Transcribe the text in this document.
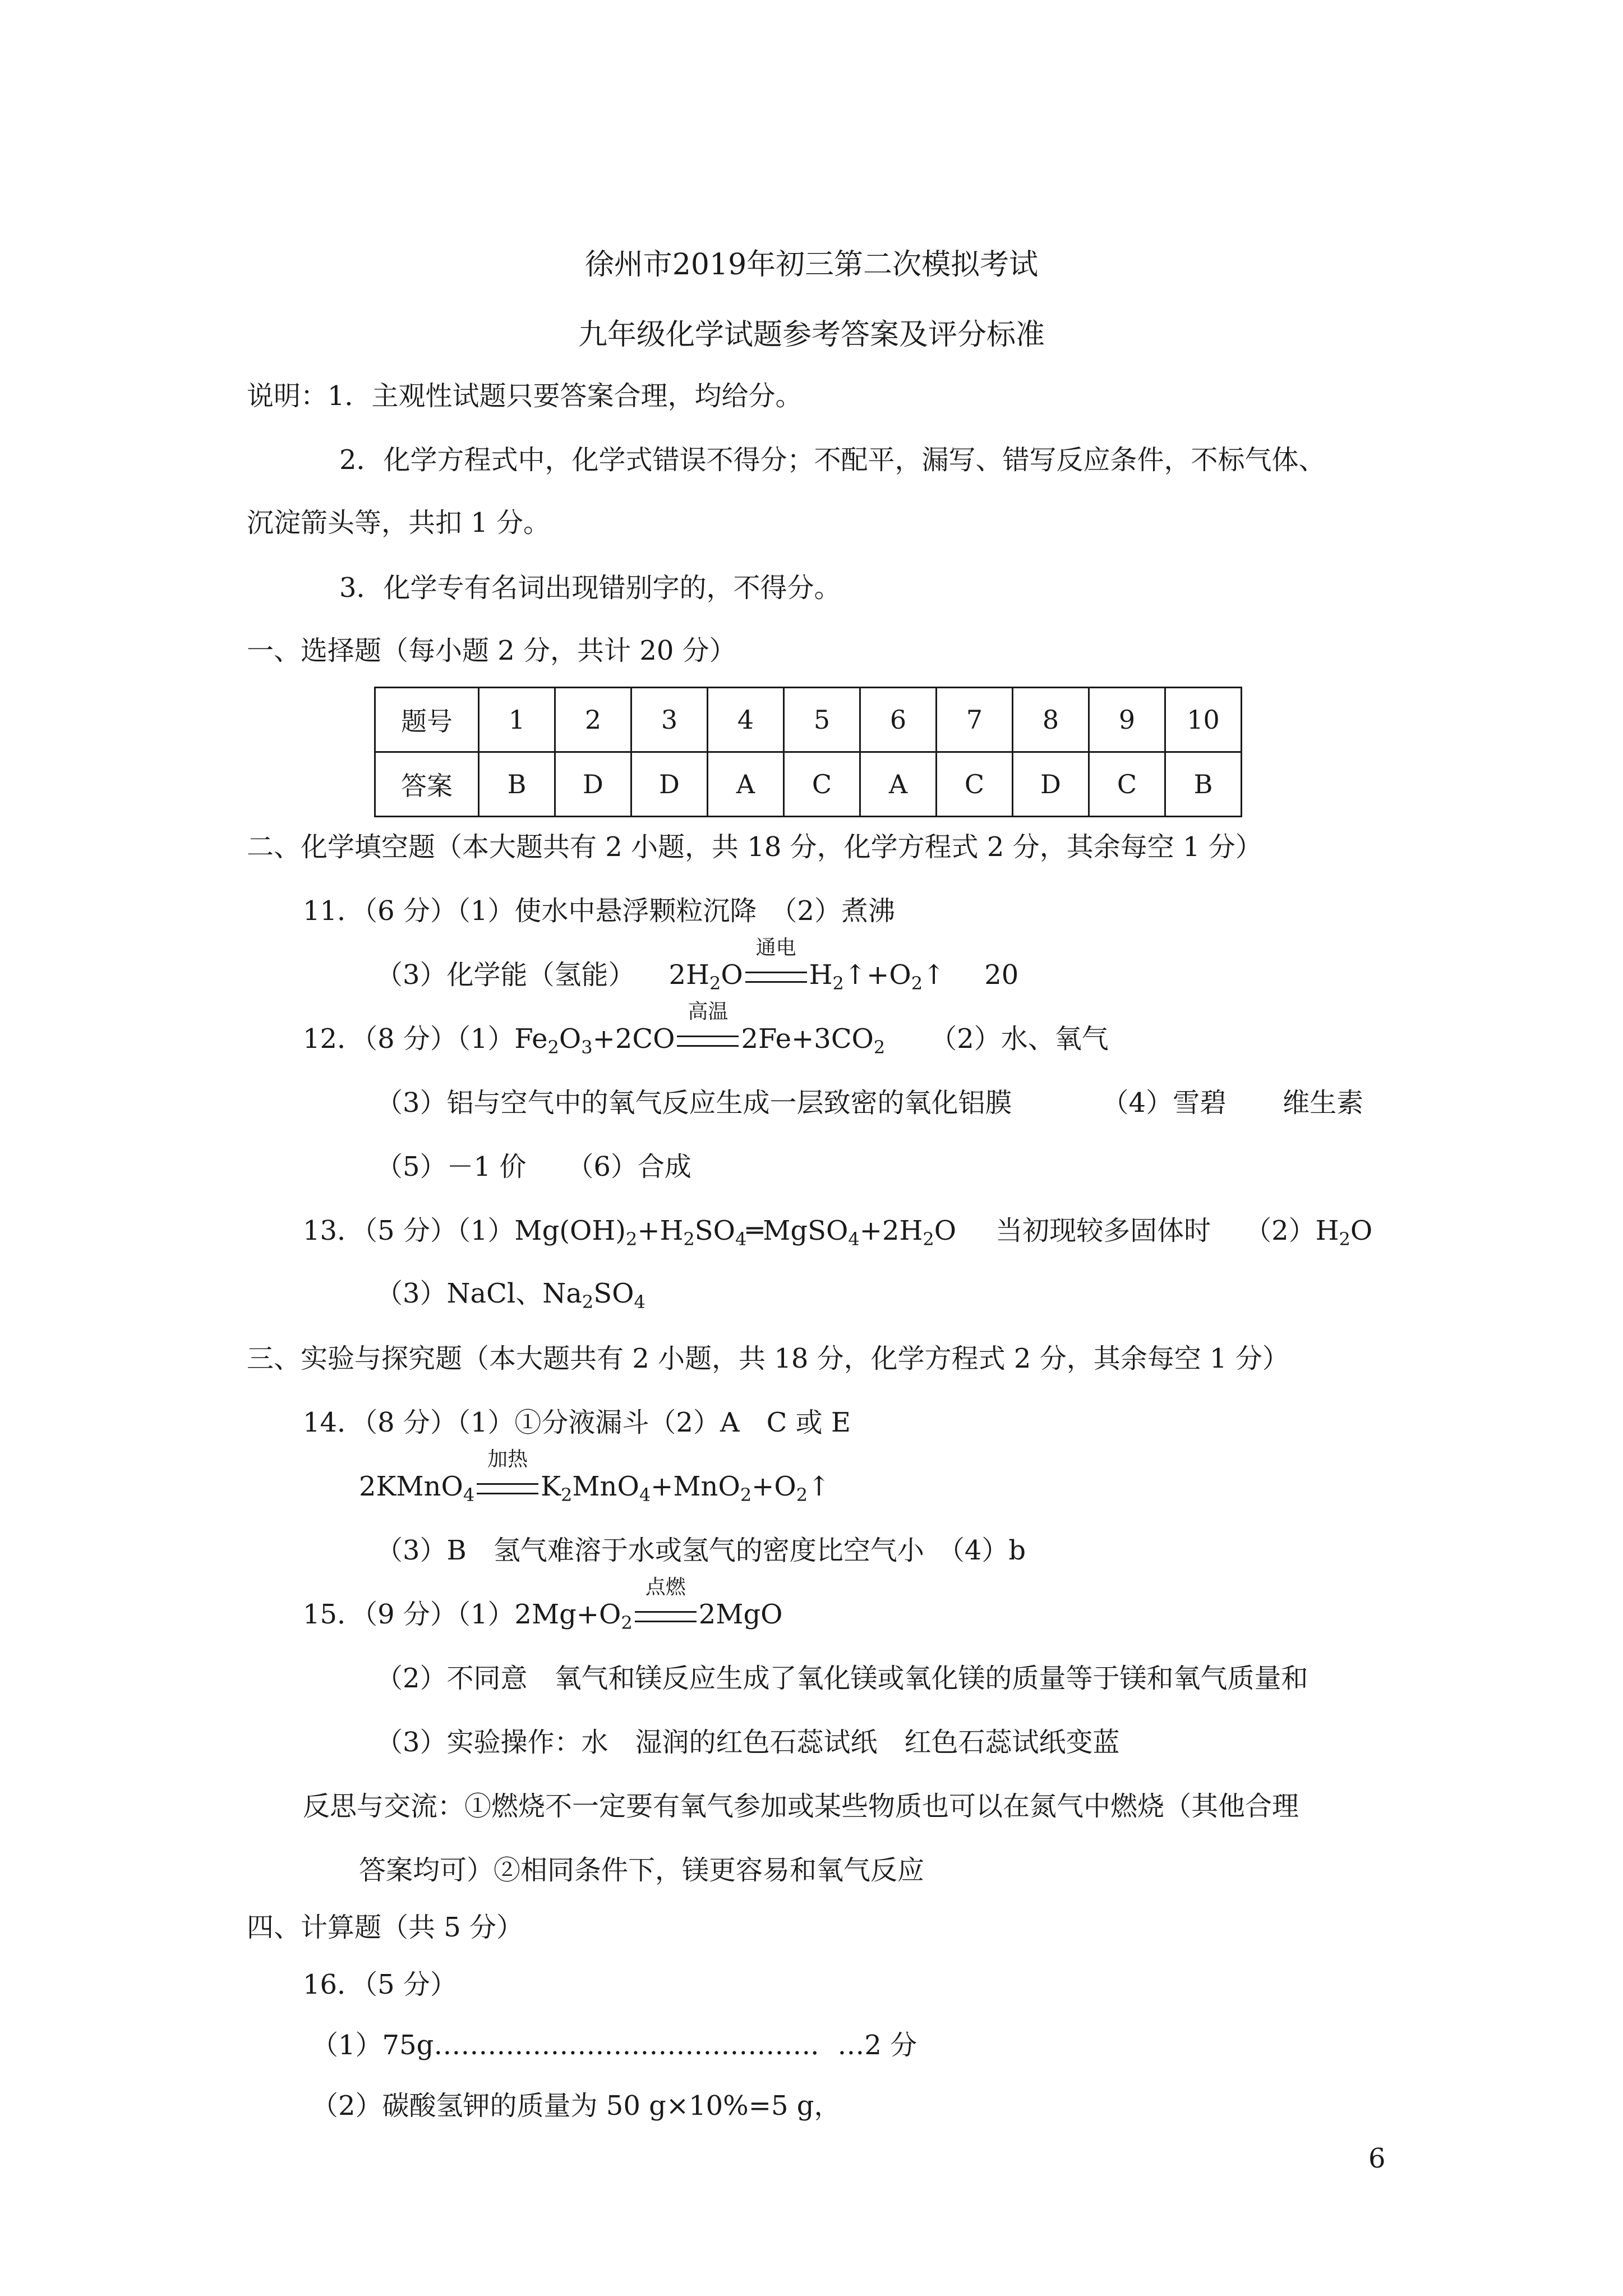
徐州市2019年初三第二次模拟考试
九年级化学试题参考答案及评分标准
说明：1．主观性试题只要答案合理，均给分。
2．化学方程式中，化学式错误不得分；不配平，漏写、错写反应条件，不标气体、
沉淀箭头等，共扣 1 分。
3．化学专有名词出现错别字的，不得分。
一、选择题（每小题 2 分，共计 20 分）
题号	1	2	3	4	5	6	7	8	9	10
答案	B	D	D	A	C	A	C	D	C	B
二、化学填空题（本大题共有 2 小题，共 18 分，化学方程式 2 分，其余每空 1 分）
11．（6 分）（1）使水中悬浮颗粒沉降　（2）煮沸
（3）化学能（氢能） $2H_2O$
通电
$H_2↑+O_2↑$ 20
12．（8 分）$(1)Fe_2O_3+2CO$
高温
$2Fe+3CO_2$ （2）水、氧气
（3）铝与空气中的氧气反应生成一层致密的氧化铝膜	（4）雪碧 维生素
（5）－1 价　　（6）合成
13．（5 分）$(1)Mg(OH)_2+H_2SO_4═MgSO_4+2H_2O$ 当初现较多固体时 $(2)H_2O$
（3）NaCl、$Na_2SO_4$
三、实验与探究题（本大题共有 2 小题，共 18 分，化学方程式 2 分，其余每空 1 分）
14．（8 分）（1）①分液漏斗（2）A　C 或 E
2KMnO$_4$
加热
$K_2MnO_4+MnO_2+O_2↑$
（3）B　氢气难溶于水或氢气的密度比空气小　（4）b
15．（9 分）$(1)2Mg+O_2$
点燃
2MgO
（2）不同意　氧气和镁反应生成了氧化镁或氧化镁的质量等于镁和氧气质量和
（3）实验操作：水　湿润的红色石蕊试纸　红色石蕊试纸变蓝
反思与交流：①燃烧不一定要有氧气参加或某些物质也可以在氮气中燃烧（其他合理
答案均可）②相同条件下，镁更容易和氧气反应
四、计算题（共 5 分）
16．（5 分）
（1）75g……………………………………．…2 分
（2）碳酸氢钾的质量为 50 g×10%=5 g，
6
